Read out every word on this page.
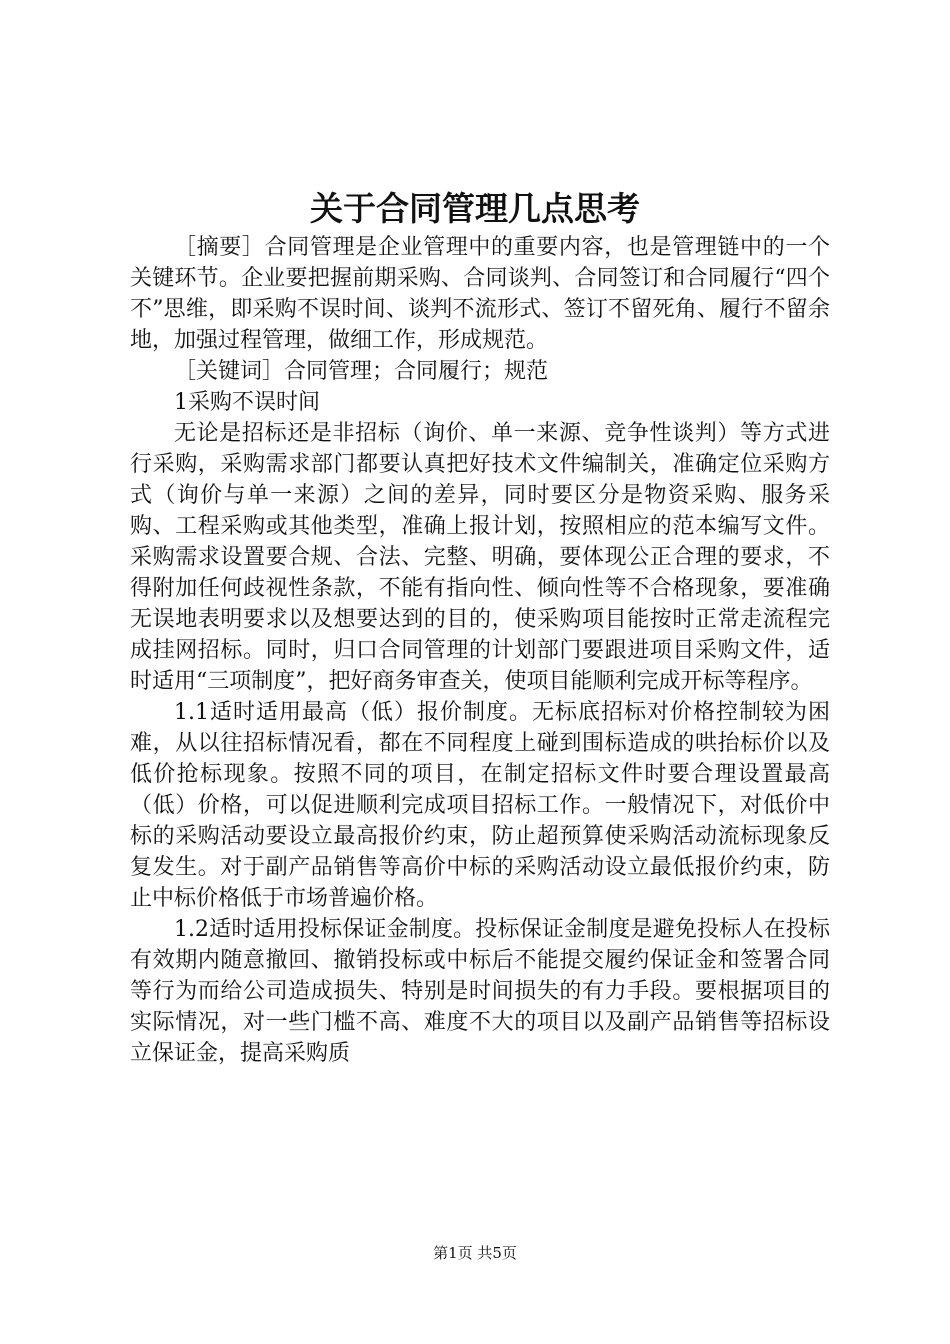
关于合同管理几点思考

［摘要］合同管理是企业管理中的重要内容，也是管理链中的一个关键环节。企业要把握前期采购、合同谈判、合同签订和合同履行“四个不”思维，即采购不误时间、谈判不流形式、签订不留死角、履行不留余地，加强过程管理，做细工作，形成规范。

［关键词］合同管理；合同履行；规范

1采购不误时间

无论是招标还是非招标（询价、单一来源、竞争性谈判）等方式进行采购，采购需求部门都要认真把好技术文件编制关，准确定位采购方式（询价与单一来源）之间的差异，同时要区分是物资采购、服务采购、工程采购或其他类型，准确上报计划，按照相应的范本编写文件。采购需求设置要合规、合法、完整、明确，要体现公正合理的要求，不得附加任何歧视性条款，不能有指向性、倾向性等不合格现象，要准确无误地表明要求以及想要达到的目的，使采购项目能按时正常走流程完成挂网招标。同时，归口合同管理的计划部门要跟进项目采购文件，适时适用“三项制度”，把好商务审查关，使项目能顺利完成开标等程序。

1.1适时适用最高（低）报价制度。无标底招标对价格控制较为困难，从以往招标情况看，都在不同程度上碰到围标造成的哄抬标价以及低价抢标现象。按照不同的项目，在制定招标文件时要合理设置最高（低）价格，可以促进顺利完成项目招标工作。一般情况下，对低价中标的采购活动要设立最高报价约束，防止超预算使采购活动流标现象反复发生。对于副产品销售等高价中标的采购活动设立最低报价约束，防止中标价格低于市场普遍价格。

1.2适时适用投标保证金制度。投标保证金制度是避免投标人在投标有效期内随意撤回、撤销投标或中标后不能提交履约保证金和签署合同等行为而给公司造成损失、特别是时间损失的有力手段。要根据项目的实际情况，对一些门槛不高、难度不大的项目以及副产品销售等招标设立保证金，提高采购质

第1页 共5页
